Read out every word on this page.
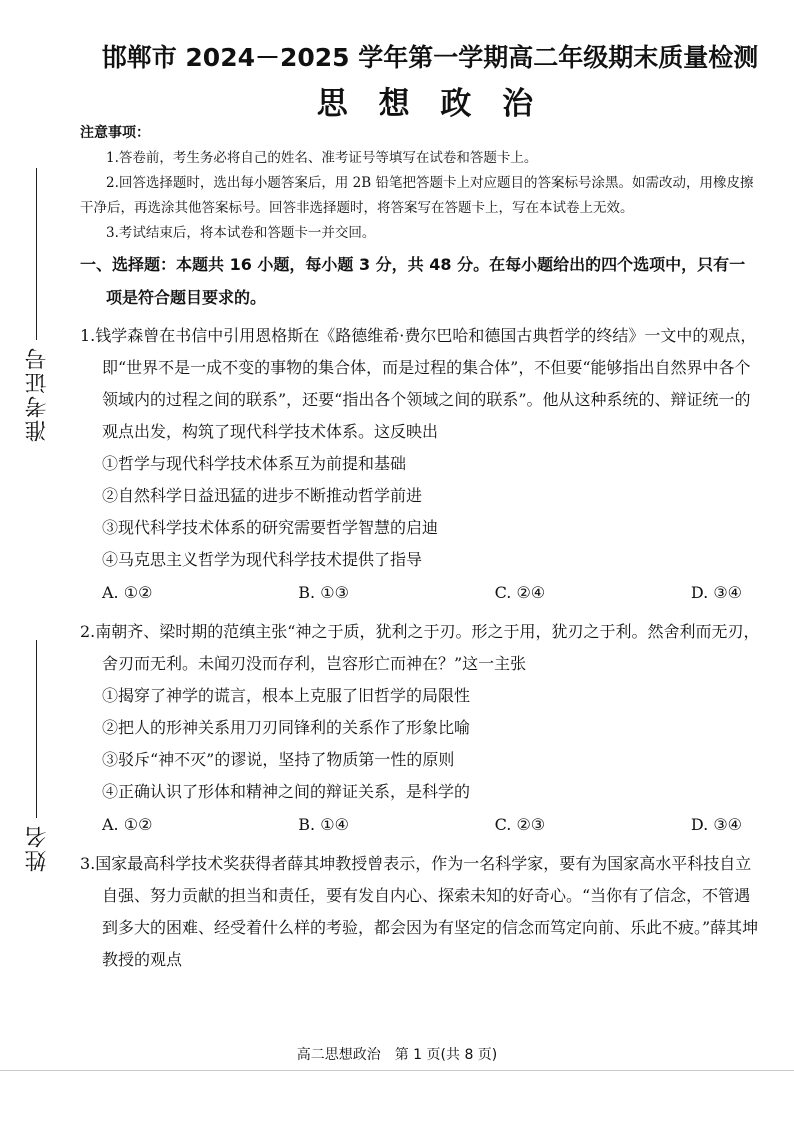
准考证号
姓名
邯郸市 2024－2025 学年第一学期高二年级期末质量检测
思 想 政 治
注意事项：

1.答卷前，考生务必将自己的姓名、准考证号等填写在试卷和答题卡上。

2.回答选择题时，选出每小题答案后，用 2B 铅笔把答题卡上对应题目的答案标号涂黑。如需改动，用橡皮擦干净后，再选涂其他答案标号。回答非选择题时，将答案写在答题卡上，写在本试卷上无效。

3.考试结束后，将本试卷和答题卡一并交回。

一、选择题：本题共 16 小题，每小题 3 分，共 48 分。在每小题给出的四个选项中，只有一项是符合题目要求的。

1.钱学森曾在书信中引用恩格斯在《路德维希·费尔巴哈和德国古典哲学的终结》一文中的观点，即“世界不是一成不变的事物的集合体，而是过程的集合体”，不但要“能够指出自然界中各个领域内的过程之间的联系”，还要“指出各个领域之间的联系”。他从这种系统的、辩证统一的观点出发，构筑了现代科学技术体系。这反映出

①哲学与现代科学技术体系互为前提和基础

②自然科学日益迅猛的进步不断推动哲学前进

③现代科学技术体系的研究需要哲学智慧的启迪

④马克思主义哲学为现代科学技术提供了指导

A. ①②	B. ①③	C. ②④	D. ③④

2.南朝齐、梁时期的范缜主张“神之于质，犹利之于刃。形之于用，犹刃之于利。然舍利而无刃，舍刃而无利。未闻刃没而存利，岂容形亡而神在？”这一主张

①揭穿了神学的谎言，根本上克服了旧哲学的局限性

②把人的形神关系用刀刃同锋利的关系作了形象比喻

③驳斥“神不灭”的谬说，坚持了物质第一性的原则

④正确认识了形体和精神之间的辩证关系，是科学的

A. ①②	B. ①④	C. ②③	D. ③④

3.国家最高科学技术奖获得者薛其坤教授曾表示，作为一名科学家，要有为国家高水平科技自立自强、努力贡献的担当和责任，要有发自内心、探索未知的好奇心。“当你有了信念，不管遇到多大的困难、经受着什么样的考验，都会因为有坚定的信念而笃定向前、乐此不疲。”薛其坤教授的观点

高二思想政治　第 1 页(共 8 页)
